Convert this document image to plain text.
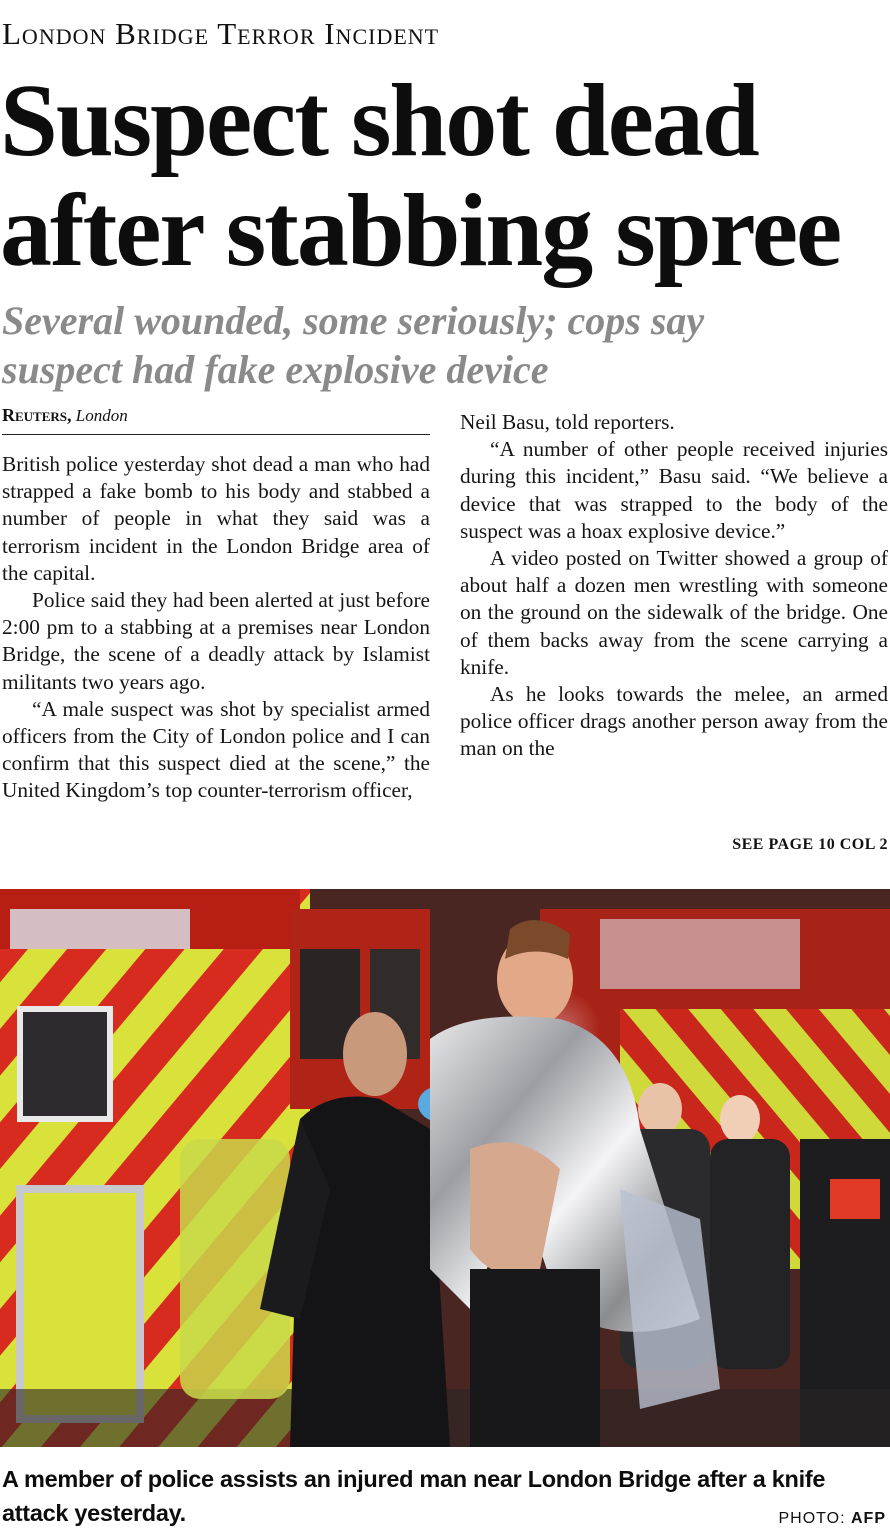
London Bridge Terror Incident
Suspect shot dead
after stabbing spree
Several wounded, some seriously; cops say
suspect had fake explosive device
Reuters, London

British police yesterday shot dead a man who had strapped a fake bomb to his body and stabbed a number of people in what they said was a terrorism incident in the London Bridge area of the capital.

Police said they had been alerted at just before 2:00 pm to a stabbing at a premises near London Bridge, the scene of a deadly attack by Islamist militants two years ago.

“A male suspect was shot by specialist armed officers from the City of London police and I can confirm that this suspect died at the scene,” the United Kingdom’s top counter-terrorism officer,

Neil Basu, told reporters.

“A number of other people received injuries during this incident,” Basu said. “We believe a device that was strapped to the body of the suspect was a hoax explosive device.”

A video posted on Twitter showed a group of about half a dozen men wrestling with someone on the ground on the sidewalk of the bridge. One of them backs away from the scene carrying a knife.

As he looks towards the melee, an armed police officer drags another person away from the man on the

SEE PAGE 10 COL 2
A member of police assists an injured man near London Bridge after a knife attack yesterday.	PHOTO: AFP
